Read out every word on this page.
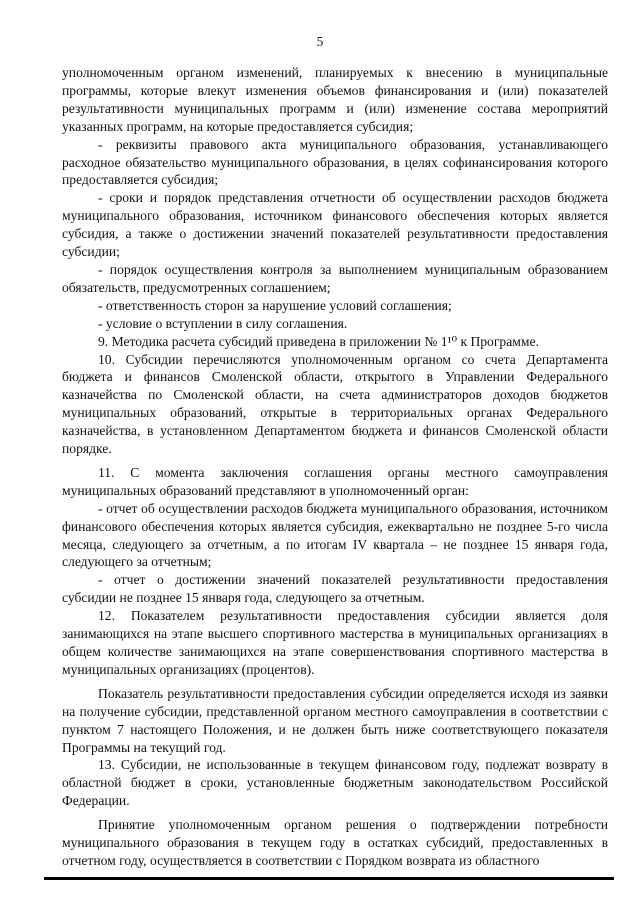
5

уполномоченным органом изменений, планируемых к внесению в муниципальные программы, которые влекут изменения объемов финансирования и (или) показателей результативности муниципальных программ и (или) изменение состава мероприятий указанных программ, на которые предоставляется субсидия;

- реквизиты правового акта муниципального образования, устанавливающего расходное обязательство муниципального образования, в целях софинансирования которого предоставляется субсидия;

- сроки и порядок представления отчетности об осуществлении расходов бюджета муниципального образования, источником финансового обеспечения которых является субсидия, а также о достижении значений показателей результативности предоставления субсидии;

- порядок осуществления контроля за выполнением муниципальным образованием обязательств, предусмотренных соглашением;

- ответственность сторон за нарушение условий соглашения;

- условие о вступлении в силу соглашения.

9. Методика расчета субсидий приведена в приложении № 1¹⁰ к Программе.

10. Субсидии перечисляются уполномоченным органом со счета Департамента бюджета и финансов Смоленской области, открытого в Управлении Федерального казначейства по Смоленской области, на счета администраторов доходов бюджетов муниципальных образований, открытые в территориальных органах Федерального казначейства, в установленном Департаментом бюджета и финансов Смоленской области порядке.

11. С момента заключения соглашения органы местного самоуправления муниципальных образований представляют в уполномоченный орган:

- отчет об осуществлении расходов бюджета муниципального образования, источником финансового обеспечения которых является субсидия, ежеквартально не позднее 5-го числа месяца, следующего за отчетным, а по итогам IV квартала – не позднее 15 января года, следующего за отчетным;

- отчет о достижении значений показателей результативности предоставления субсидии не позднее 15 января года, следующего за отчетным.

12. Показателем результативности предоставления субсидии является доля занимающихся на этапе высшего спортивного мастерства в муниципальных организациях в общем количестве занимающихся на этапе совершенствования спортивного мастерства в муниципальных организациях (процентов).

Показатель результативности предоставления субсидии определяется исходя из заявки на получение субсидии, представленной органом местного самоуправления в соответствии с пунктом 7 настоящего Положения, и не должен быть ниже соответствующего показателя Программы на текущий год.

13. Субсидии, не использованные в текущем финансовом году, подлежат возврату в областной бюджет в сроки, установленные бюджетным законодательством Российской Федерации.

Принятие уполномоченным органом решения о подтверждении потребности муниципального образования в текущем году в остатках субсидий, предоставленных в отчетном году, осуществляется в соответствии с Порядком возврата из областного
